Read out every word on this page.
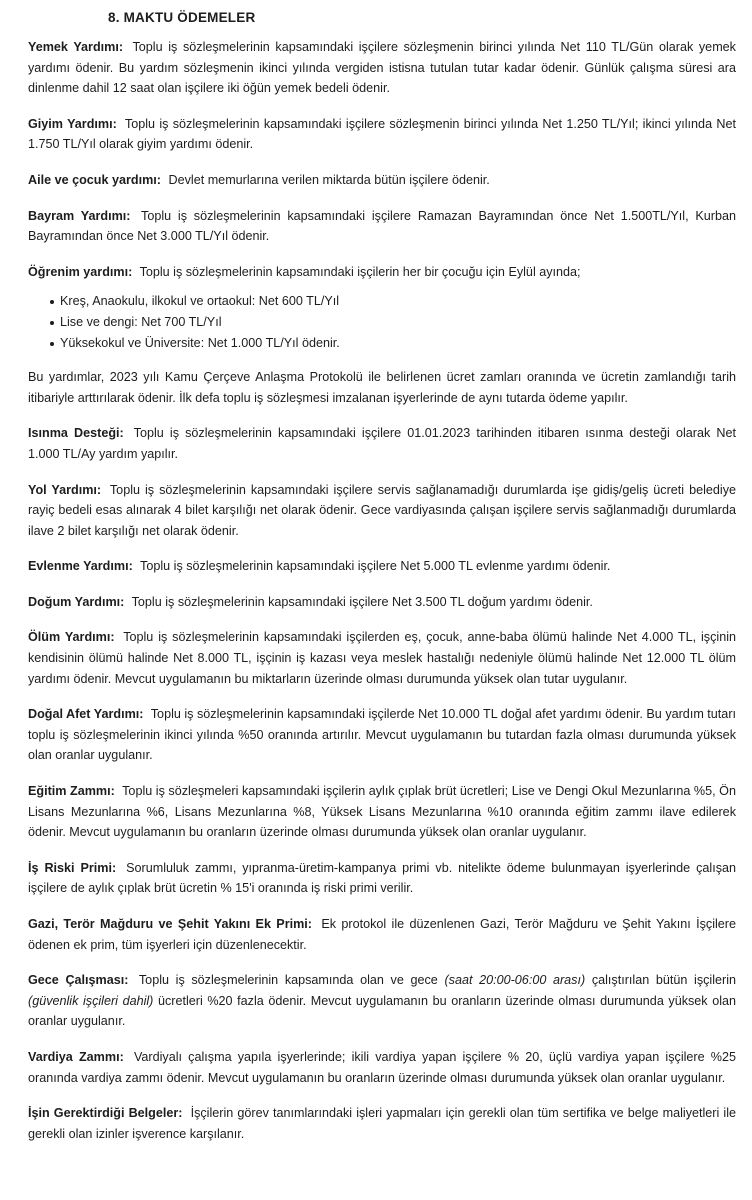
8. MAKTU ÖDEMELER

Yemek Yardımı: Toplu iş sözleşmelerinin kapsamındaki işçilere sözleşmenin birinci yılında Net 110 TL/Gün olarak yemek yardımı ödenir. Bu yardım sözleşmenin ikinci yılında vergiden istisna tutulan tutar kadar ödenir. Günlük çalışma süresi ara dinlenme dahil 12 saat olan işçilere iki öğün yemek bedeli ödenir.

Giyim Yardımı: Toplu iş sözleşmelerinin kapsamındaki işçilere sözleşmenin birinci yılında Net 1.250 TL/Yıl; ikinci yılında Net 1.750 TL/Yıl olarak giyim yardımı ödenir.

Aile ve çocuk yardımı: Devlet memurlarına verilen miktarda bütün işçilere ödenir.

Bayram Yardımı: Toplu iş sözleşmelerinin kapsamındaki işçilere Ramazan Bayramından önce Net 1.500TL/Yıl, Kurban Bayramından önce Net 3.000 TL/Yıl ödenir.

Öğrenim yardımı: Toplu iş sözleşmelerinin kapsamındaki işçilerin her bir çocuğu için Eylül ayında;

Kreş, Anaokulu, ilkokul ve ortaokul: Net 600 TL/Yıl
Lise ve dengi: Net 700 TL/Yıl
Yüksekokul ve Üniversite: Net 1.000 TL/Yıl ödenir.

Bu yardımlar, 2023 yılı Kamu Çerçeve Anlaşma Protokolü ile belirlenen ücret zamları oranında ve ücretin zamlandığı tarih itibariyle arttırılarak ödenir. İlk defa toplu iş sözleşmesi imzalanan işyerlerinde de aynı tutarda ödeme yapılır.

Isınma Desteği: Toplu iş sözleşmelerinin kapsamındaki işçilere 01.01.2023 tarihinden itibaren ısınma desteği olarak Net 1.000 TL/Ay yardım yapılır.

Yol Yardımı: Toplu iş sözleşmelerinin kapsamındaki işçilere servis sağlanamadığı durumlarda işe gidiş/geliş ücreti belediye rayiç bedeli esas alınarak 4 bilet karşılığı net olarak ödenir. Gece vardiyasında çalışan işçilere servis sağlanmadığı durumlarda ilave 2 bilet karşılığı net olarak ödenir.

Evlenme Yardımı: Toplu iş sözleşmelerinin kapsamındaki işçilere Net 5.000 TL evlenme yardımı ödenir.

Doğum Yardımı: Toplu iş sözleşmelerinin kapsamındaki işçilere Net 3.500 TL doğum yardımı ödenir.

Ölüm Yardımı: Toplu iş sözleşmelerinin kapsamındaki işçilerden eş, çocuk, anne-baba ölümü halinde Net 4.000 TL, işçinin kendisinin ölümü halinde Net 8.000 TL, işçinin iş kazası veya meslek hastalığı nedeniyle ölümü halinde Net 12.000 TL ölüm yardımı ödenir. Mevcut uygulamanın bu miktarların üzerinde olması durumunda yüksek olan tutar uygulanır.

Doğal Afet Yardımı: Toplu iş sözleşmelerinin kapsamındaki işçilerde Net 10.000 TL doğal afet yardımı ödenir. Bu yardım tutarı toplu iş sözleşmelerinin ikinci yılında %50 oranında artırılır. Mevcut uygulamanın bu tutardan fazla olması durumunda yüksek olan oranlar uygulanır.

Eğitim Zammı: Toplu iş sözleşmeleri kapsamındaki işçilerin aylık çıplak brüt ücretleri; Lise ve Dengi Okul Mezunlarına %5, Ön Lisans Mezunlarına %6, Lisans Mezunlarına %8, Yüksek Lisans Mezunlarına %10 oranında eğitim zammı ilave edilerek ödenir. Mevcut uygulamanın bu oranların üzerinde olması durumunda yüksek olan oranlar uygulanır.

İş Riski Primi: Sorumluluk zammı, yıpranma-üretim-kampanya primi vb. nitelikte ödeme bulunmayan işyerlerinde çalışan işçilere de aylık çıplak brüt ücretin % 15'i oranında iş riski primi verilir.

Gazi, Terör Mağduru ve Şehit Yakını Ek Primi: Ek protokol ile düzenlenen Gazi, Terör Mağduru ve Şehit Yakını İşçilere ödenen ek prim, tüm işyerleri için düzenlenecektir.

Gece Çalışması: Toplu iş sözleşmelerinin kapsamında olan ve gece (saat 20:00-06:00 arası) çalıştırılan bütün işçilerin (güvenlik işçileri dahil) ücretleri %20 fazla ödenir. Mevcut uygulamanın bu oranların üzerinde olması durumunda yüksek olan oranlar uygulanır.

Vardiya Zammı: Vardiyalı çalışma yapıla işyerlerinde; ikili vardiya yapan işçilere % 20, üçlü vardiya yapan işçilere %25 oranında vardiya zammı ödenir. Mevcut uygulamanın bu oranların üzerinde olması durumunda yüksek olan oranlar uygulanır.

İşin Gerektirdiği Belgeler: İşçilerin görev tanımlarındaki işleri yapmaları için gerekli olan tüm sertifika ve belge maliyetleri ile gerekli olan izinler işverence karşılanır.
